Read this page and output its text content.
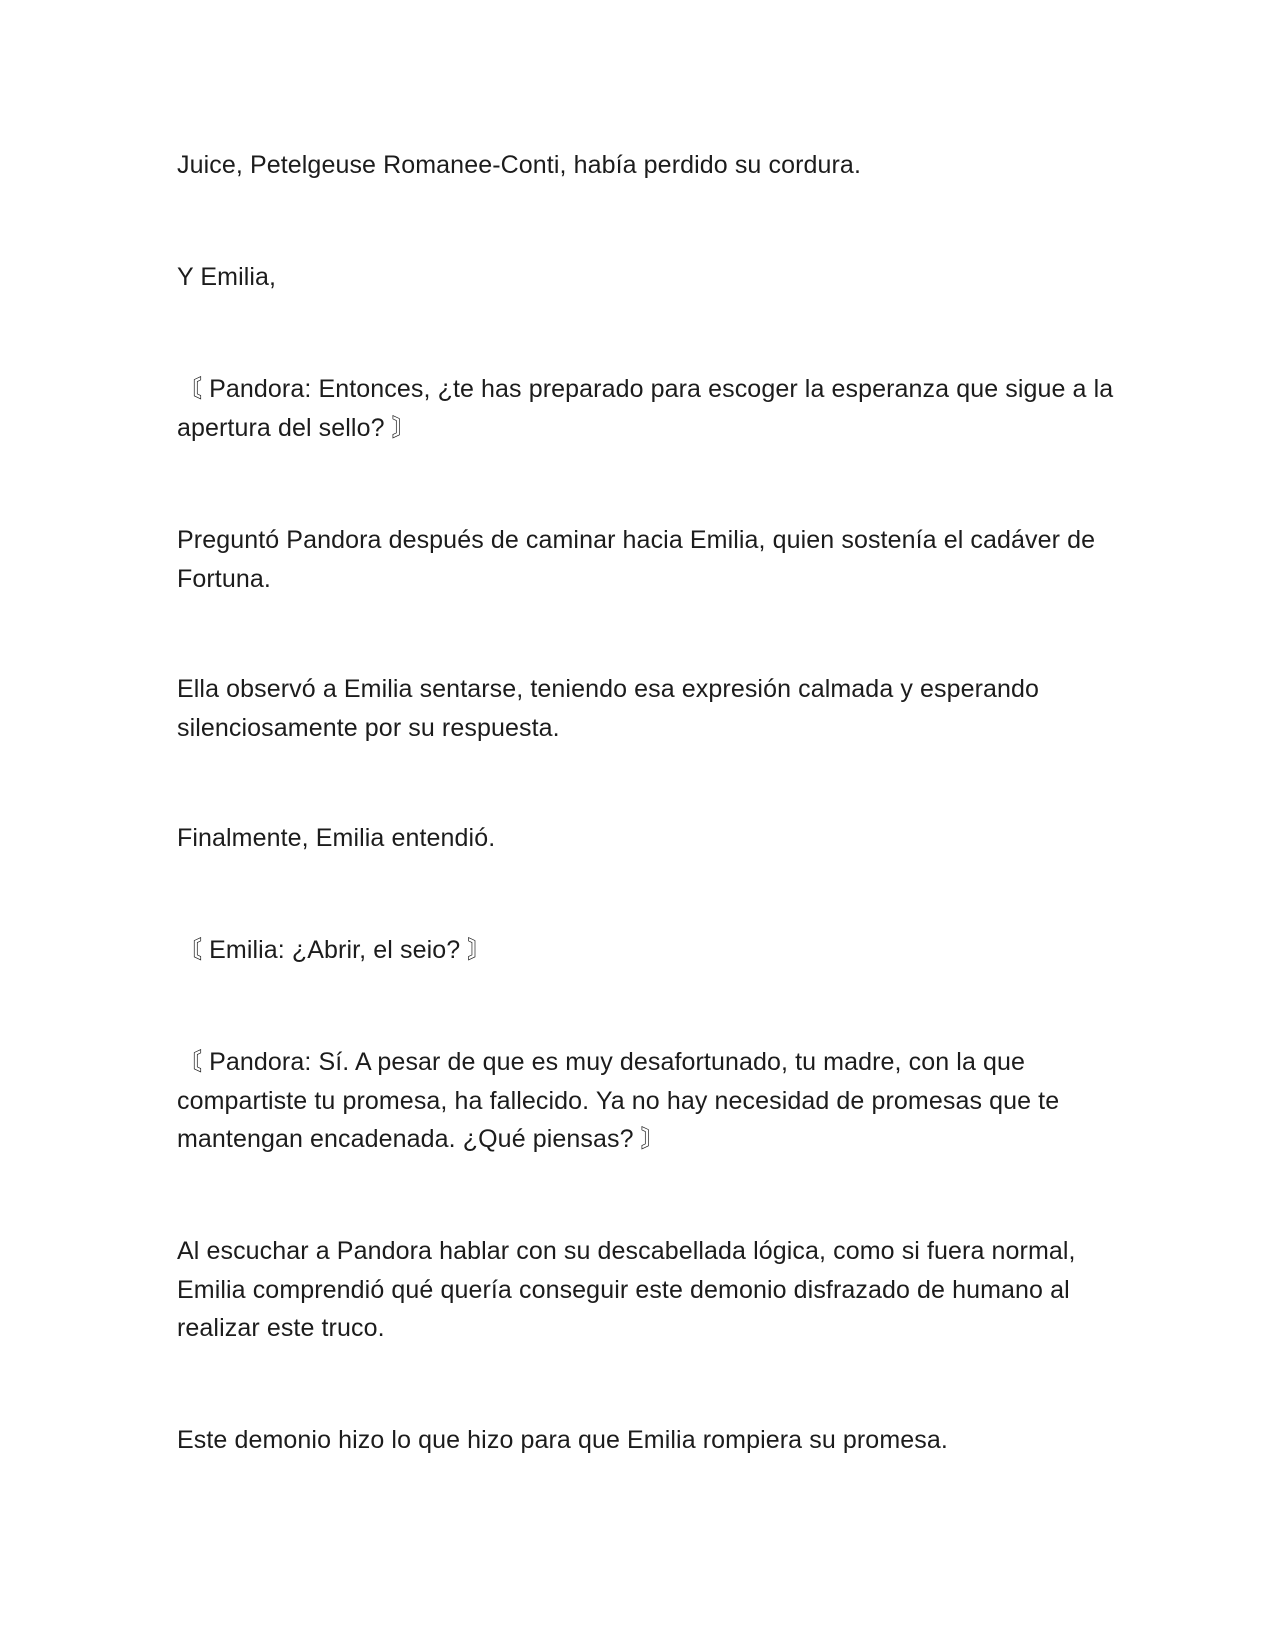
Juice, Petelgeuse Romanee-Conti, había perdido su cordura.

Y Emilia,

〘 Pandora: Entonces, ¿te has preparado para escoger la esperanza que sigue a la apertura del sello? 〙

Preguntó Pandora después de caminar hacia Emilia, quien sostenía el cadáver de Fortuna.

Ella observó a Emilia sentarse, teniendo esa expresión calmada y esperando silenciosamente por su respuesta.

Finalmente, Emilia entendió.

〘 Emilia: ¿Abrir, el seio? 〙

〘 Pandora: Sí. A pesar de que es muy desafortunado, tu madre, con la que compartiste tu promesa, ha fallecido. Ya no hay necesidad de promesas que te mantengan encadenada. ¿Qué piensas? 〙

Al escuchar a Pandora hablar con su descabellada lógica, como si fuera normal, Emilia comprendió qué quería conseguir este demonio disfrazado de humano al realizar este truco.

Este demonio hizo lo que hizo para que Emilia rompiera su promesa.
